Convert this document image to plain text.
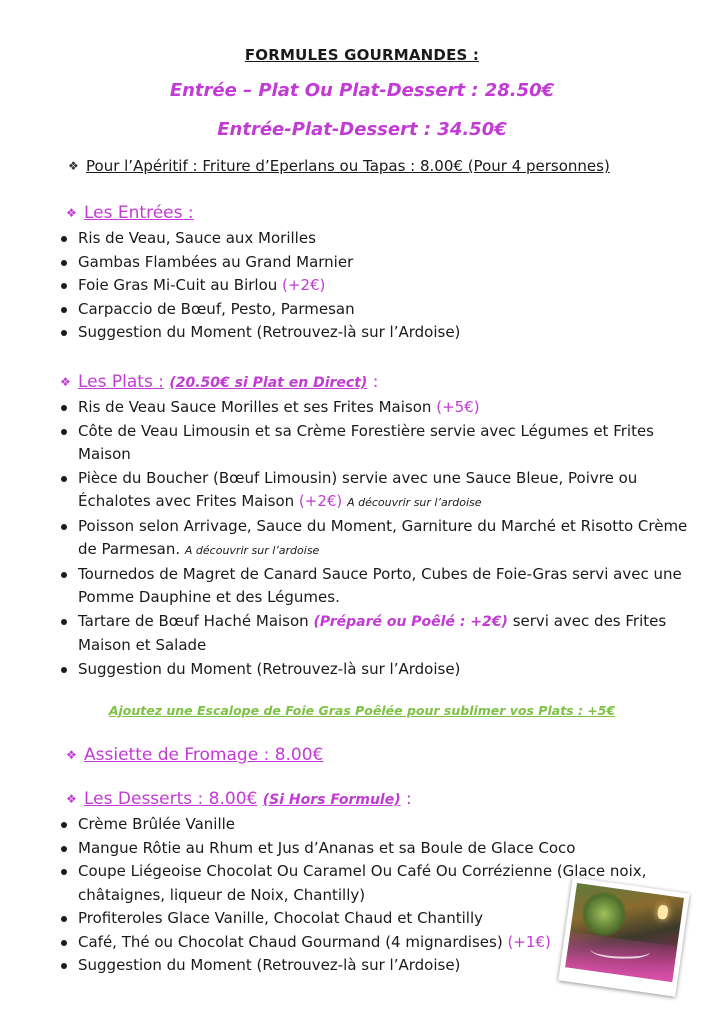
FORMULES GOURMANDES :
Entrée – Plat Ou Plat-Dessert : 28.50€
Entrée-Plat-Dessert : 34.50€
❖ Pour l’Apéritif : Friture d’Eperlans ou Tapas : 8.00€ (Pour 4 personnes)
❖ Les Entrées :
Ris de Veau, Sauce aux Morilles
Gambas Flambées au Grand Marnier
Foie Gras Mi-Cuit au Birlou (+2€)
Carpaccio de Bœuf, Pesto, Parmesan
Suggestion du Moment (Retrouvez-là sur l’Ardoise)
❖ Les Plats : (20.50€ si Plat en Direct) :
Ris de Veau Sauce Morilles et ses Frites Maison (+5€)
Côte de Veau Limousin et sa Crème Forestière servie avec Légumes et Frites Maison
Pièce du Boucher (Bœuf Limousin) servie avec une Sauce Bleue, Poivre ou Échalotes avec Frites Maison (+2€) A découvrir sur l’ardoise
Poisson selon Arrivage, Sauce du Moment, Garniture du Marché et Risotto Crème de Parmesan. A découvrir sur l’ardoise
Tournedos de Magret de Canard Sauce Porto, Cubes de Foie-Gras servi avec une Pomme Dauphine et des Légumes.
Tartare de Bœuf Haché Maison (Préparé ou Poêlé : +2€) servi avec des Frites Maison et Salade
Suggestion du Moment (Retrouvez-là sur l’Ardoise)
Ajoutez une Escalope de Foie Gras Poêlée pour sublimer vos Plats : +5€
❖ Assiette de Fromage : 8.00€
❖ Les Desserts : 8.00€ (Si Hors Formule) :
Crème Brûlée Vanille
Mangue Rôtie au Rhum et Jus d’Ananas et sa Boule de Glace Coco
Coupe Liégeoise Chocolat Ou Caramel Ou Café Ou Corrézienne (Glace noix, châtaignes, liqueur de Noix, Chantilly)
Profiteroles Glace Vanille, Chocolat Chaud et Chantilly
Café, Thé ou Chocolat Chaud Gourmand (4 mignardises) (+1€)
Suggestion du Moment (Retrouvez-là sur l’Ardoise)
